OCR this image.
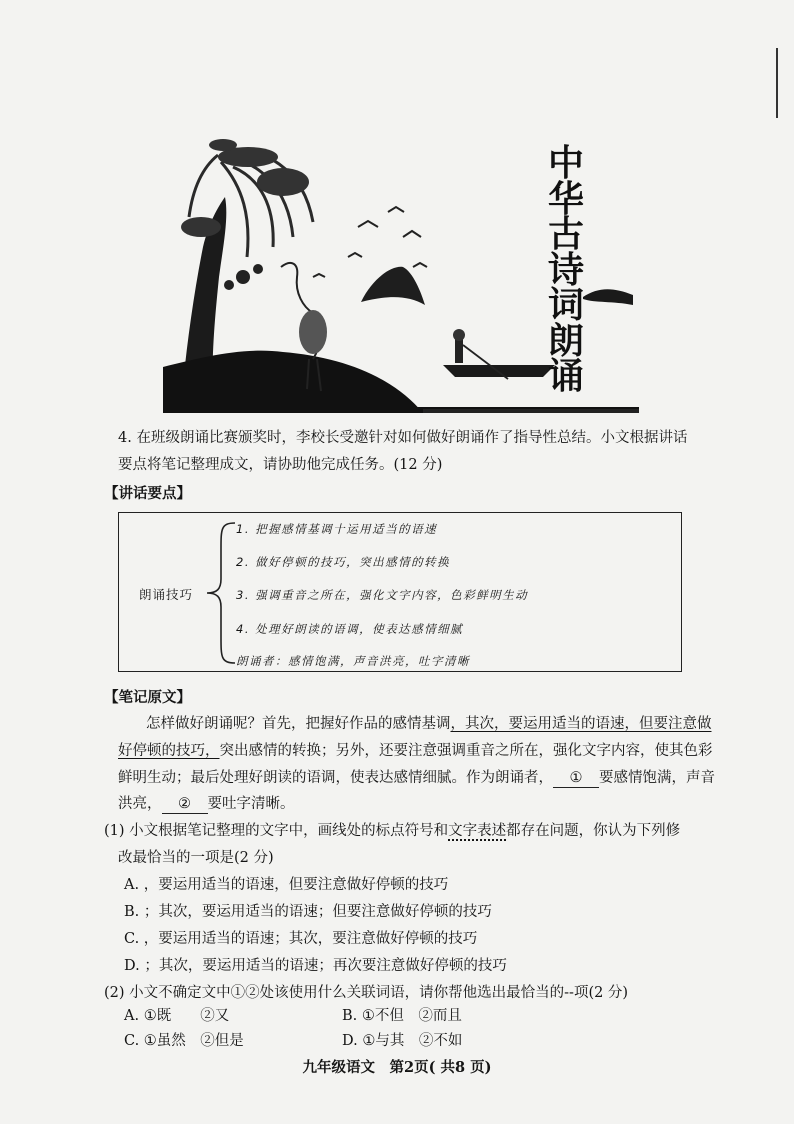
中华古诗词朗诵
4. 在班级朗诵比赛颁奖时，李校长受邀针对如何做好朗诵作了指导性总结。小文根据讲话
要点将笔记整理成文，请协助他完成任务。(12 分)
【讲话要点】
朗诵技巧
1. 把握感情基调十运用适当的语速
2. 做好停顿的技巧，突出感情的转换
3. 强调重音之所在，强化文字内容，色彩鲜明生动
4. 处理好朗读的语调，使表达感情细腻
朗诵者：感情饱满，声音洪亮，吐字清晰
【笔记原文】
怎样做好朗诵呢？首先，把握好作品的感情基调，其次，要运用适当的语速，但要注意做
好停顿的技巧，突出感情的转换；另外，还要注意强调重音之所在，强化文字内容，使其色彩
鲜明生动；最后处理好朗读的语调，使表达感情细腻。作为朗诵者， ① 要感情饱满，声音
洪亮， ② 要吐字清晰。
(1) 小文根据笔记整理的文字中，画线处的标点符号和文字表述都存在问题，你认为下列修
改最恰当的一项是(2 分)
A. ，要运用适当的语速，但要注意做好停顿的技巧
B. ；其次，要运用适当的语速；但要注意做好停顿的技巧
C. ，要运用适当的语速；其次，要注意做好停顿的技巧
D. ；其次，要运用适当的语速；再次要注意做好停顿的技巧
(2) 小文不确定文中①②处该使用什么关联词语，请你帮他选出最恰当的--项(2 分)
A. ①既　　②又	B. ①不但　②而且
C. ①虽然　②但是	D. ①与其　②不如
九年级语文　第2页( 共8 页)
